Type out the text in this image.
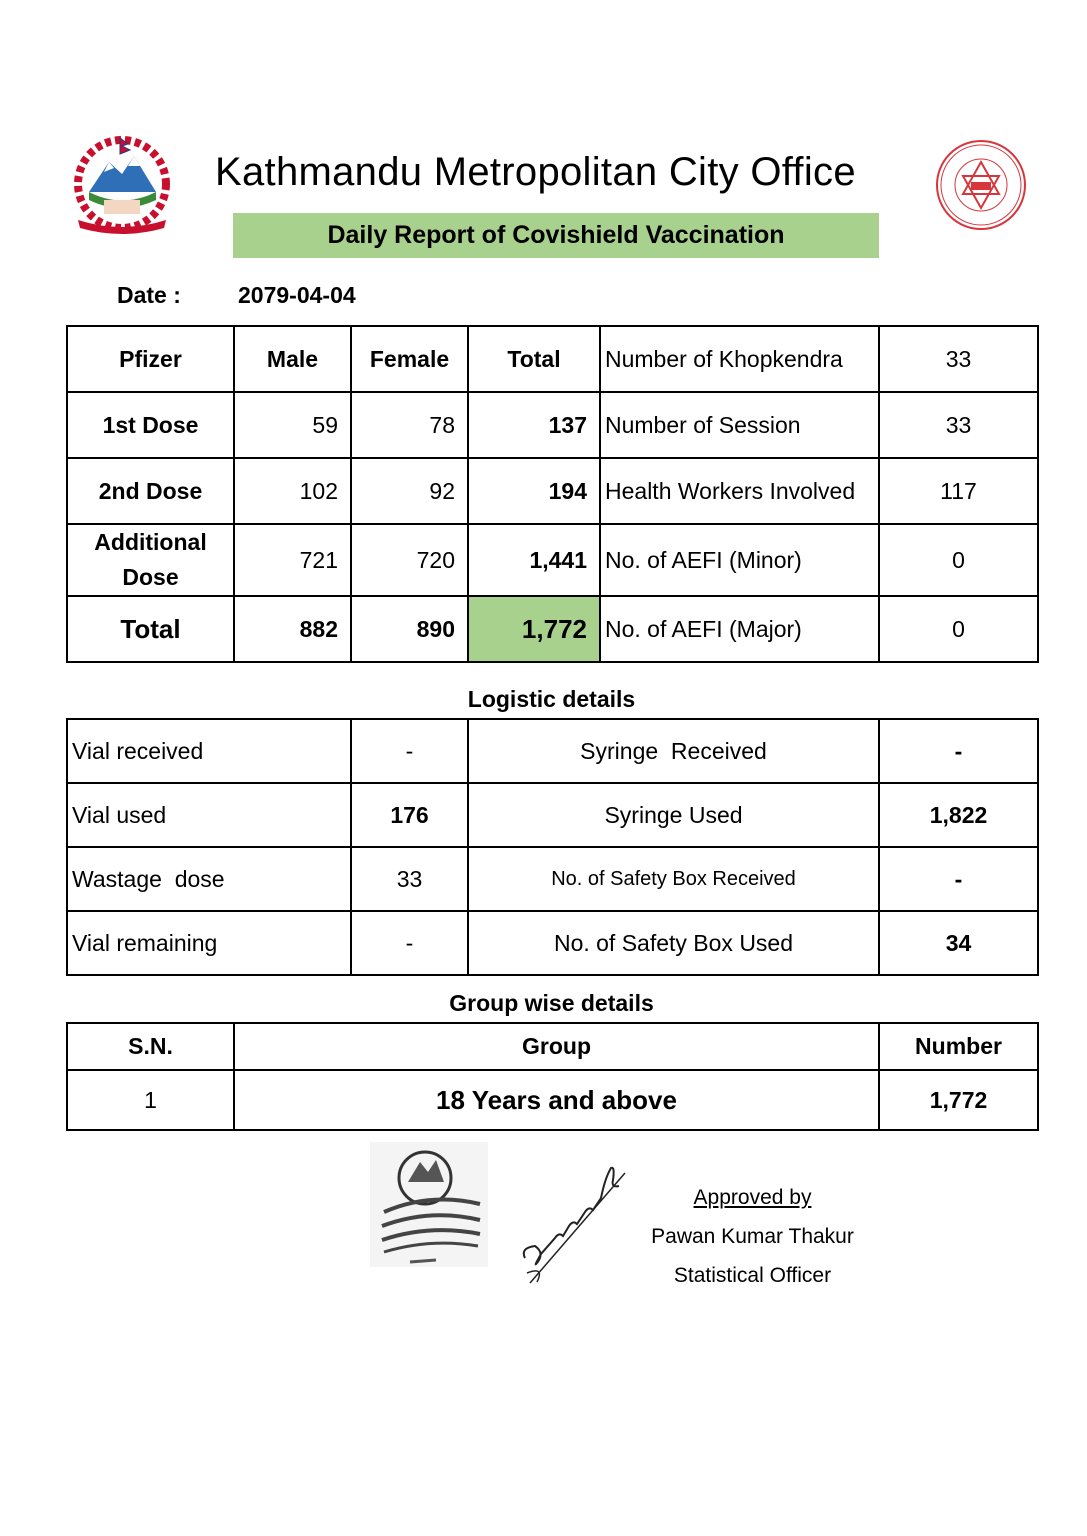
Kathmandu Metropolitan City Office
Daily Report of Covishield Vaccination
Date : 2079-04-04
Pfizer	Male	Female	Total	Number of Khopkendra	33
1st Dose	59	78	137	Number of Session	33
2nd Dose	102	92	194	Health Workers Involved	117
Additional Dose	721	720	1,441	No. of AEFI (Minor)	0
Total	882	890	1,772	No. of AEFI (Major)	0
Logistic details
Vial received	-	Syringe  Received	-
Vial used	176	Syringe Used	1,822
Wastage  dose	33	No. of Safety Box Received	-
Vial remaining	-	No. of Safety Box Used	34
Group wise details
S.N.	Group	Number
1	18 Years and above	1,772
Approved by
Pawan Kumar Thakur
Statistical Officer
